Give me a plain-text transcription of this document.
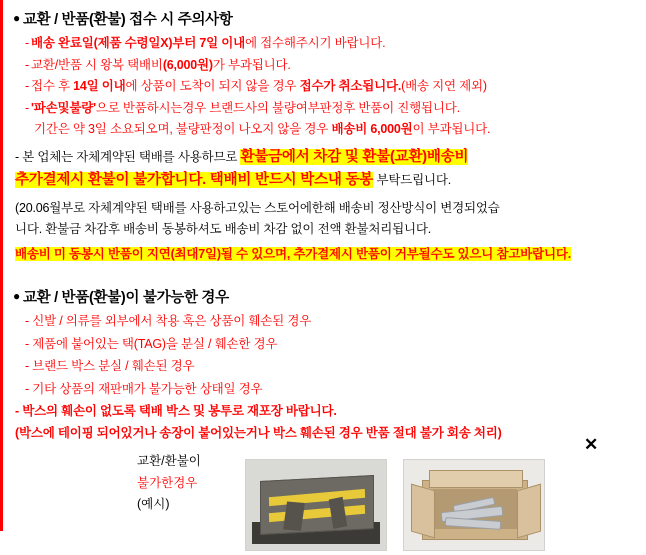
● 교환 / 반품(환불) 접수 시 주의사항
- 배송 완료일(제품 수령일X)부터 7일 이내에 접수해주시기 바랍니다.
- 교환/반품 시 왕복 택배비(6,000원)가 부과됩니다.
- 접수 후 14일 이내에 상품이 도착이 되지 않을 경우 접수가 취소됩니다.(배송 지연 제외)
- '파손및불량'으로 반품하시는경우 브랜드사의 불량여부판정후 반품이 진행됩니다.
기간은 약 3일 소요되오며, 불량판정이 나오지 않을 경우 배송비 6,000원이 부과됩니다.
- 본 업체는 자체계약된 택배를 사용하므로 환불금에서 차감 및 환불(교환)배송비
추가결제시 환불이 불가합니다. 택배비 반드시 박스내 동봉 부탁드립니다.
(20.06월부로 자체계약된 택배를 사용하고있는 스토어에한해 배송비 정산방식이 변경되었습
니다. 환불금 차감후 배송비 동봉하셔도 배송비 차감 없이 전액 환불처리됩니다.
배송비 미 동봉시 반품이 지연(최대7일)될 수 있으며, 추가결제시 반품이 거부될수도 있으니 참고바랍니다.
● 교환 / 반품(환불)이 불가능한 경우
- 신발 / 의류를 외부에서 착용 혹은 상품이 훼손된 경우
- 제품에 붙어있는 택(TAG)을 분실 / 훼손한 경우
- 브랜드 박스 분실 / 훼손된 경우
- 기타 상품의 재판매가 불가능한 상태일 경우
- 박스의 훼손이 없도록 택배 박스 및 봉투로 재포장 바랍니다.
(박스에 테이핑 되어있거나 송장이 붙어있는거나 박스 훼손된 경우 반품 절대 불가 회송 처리)
교환/환불이
불가한경우
(예시)
✕
